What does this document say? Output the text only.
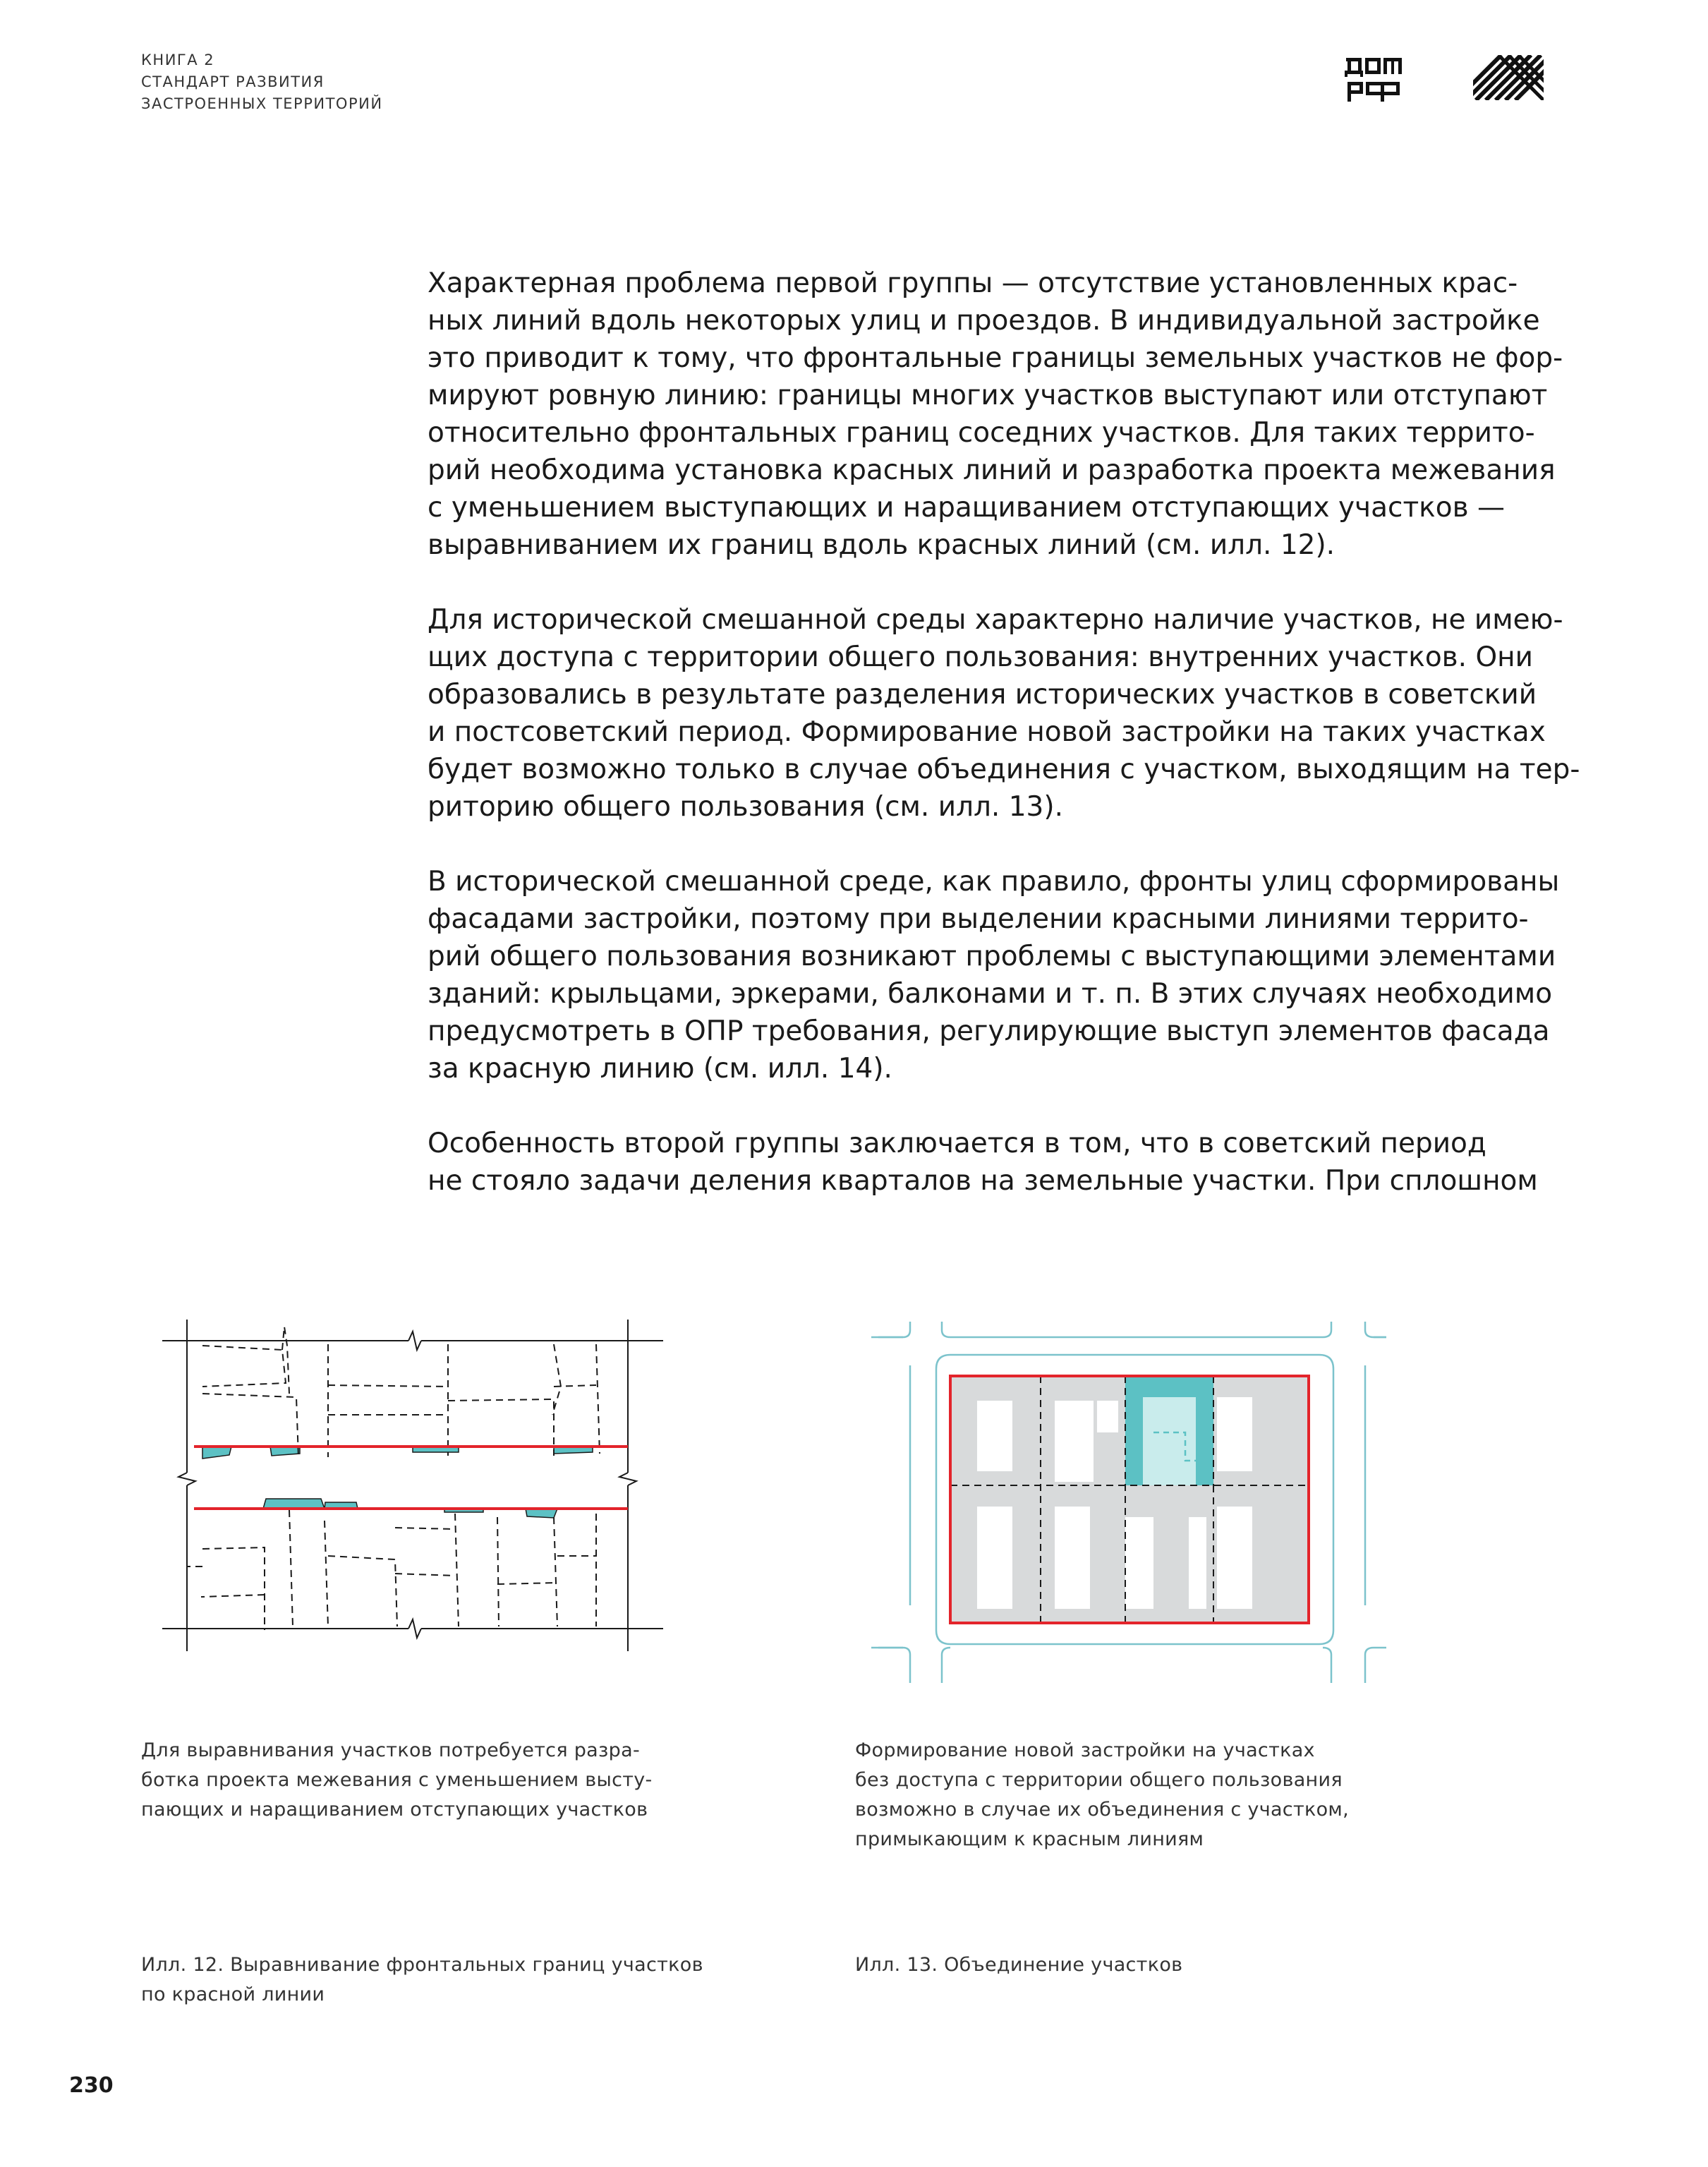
КНИГА 2
СТАНДАРТ РАЗВИТИЯ
ЗАСТРОЕННЫХ ТЕРРИТОРИЙ

Характерная проблема первой группы — отсутствие установленных крас-
ных линий вдоль некоторых улиц и проездов. В индивидуальной застройке
это приводит к тому, что фронтальные границы земельных участков не фор-
мируют ровную линию: границы многих участков выступают или отступают
относительно фронтальных границ соседних участков. Для таких террито-
рий необходима установка красных линий и разработка проекта межевания
с уменьшением выступающих и наращиванием отступающих участков —
выравниванием их границ вдоль красных линий (см. илл. 12).

Для исторической смешанной среды характерно наличие участков, не имею-
щих доступа с территории общего пользования: внутренних участков. Они
образовались в результате разделения исторических участков в советский
и постсоветский период. Формирование новой застройки на таких участках
будет возможно только в случае объединения с участком, выходящим на тер-
риторию общего пользования (см. илл. 13).

В исторической смешанной среде, как правило, фронты улиц сформированы
фасадами застройки, поэтому при выделении красными линиями террито-
рий общего пользования возникают проблемы с выступающими элементами
зданий: крыльцами, эркерами, балконами и т. п. В этих случаях необходимо
предусмотреть в ОПР требования, регулирующие выступ элементов фасада
за красную линию (см. илл. 14).

Особенность второй группы заключается в том, что в советский период
не стояло задачи деления кварталов на земельные участки. При сплошном

Для выравнивания участков потребуется разра-
ботка проекта межевания с уменьшением высту-
пающих и наращиванием отступающих участков
Формирование новой застройки на участках
без доступа с территории общего пользования
возможно в случае их объединения с участком,
примыкающим к красным линиям
Илл. 12. Выравнивание фронтальных границ участков
по красной линии
Илл. 13. Объединение участков
230
